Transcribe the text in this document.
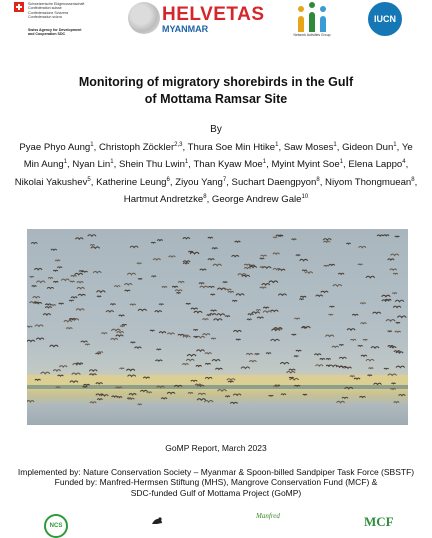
Schweizerische Eidgenossenschaft
Confédération suisse
Confederazione Svizzera
Confederaziun svizra
Swiss Agency for Development
and Cooperation SDC
HELVETAS
MYANMAR
Network Activities Group
IUCN
Monitoring of migratory shorebirds in the Gulf
of Mottama Ramsar Site
By
Pyae Phyo Aung$^1$, Christoph Zöckler$^{2,3}$, Thura Soe Min Htike$^1$, Saw Moses$^1$, Gideon Dun$^1$, Ye Min Aung$^1$, Nyan Lin$^1$, Shein Thu Lwin$^1$, Than Kyaw Moe$^1$, Myint Myint Soe$^1$, Elena Lappo$^4$, Nikolai Yakushev$^5$, Katherine Leung$^6$, Ziyou Yang$^7$, Suchart Daengpyon$^8$, Niyom Thongmuean$^8$, Hartmut Andretzke$^8$, George Andrew Gale$^{10}$
GoMP Report, March 2023
Implemented by: Nature Conservation Society – Myanmar & Spoon-billed Sandpiper Task Force (SBSTF)
Funded by: Manfred-Hermsen Stiftung (MHS), Mangrove Conservation Fund (MCF) &
SDC-funded Gulf of Mottama Project (GoMP)
NCS
Manfred	MCF
